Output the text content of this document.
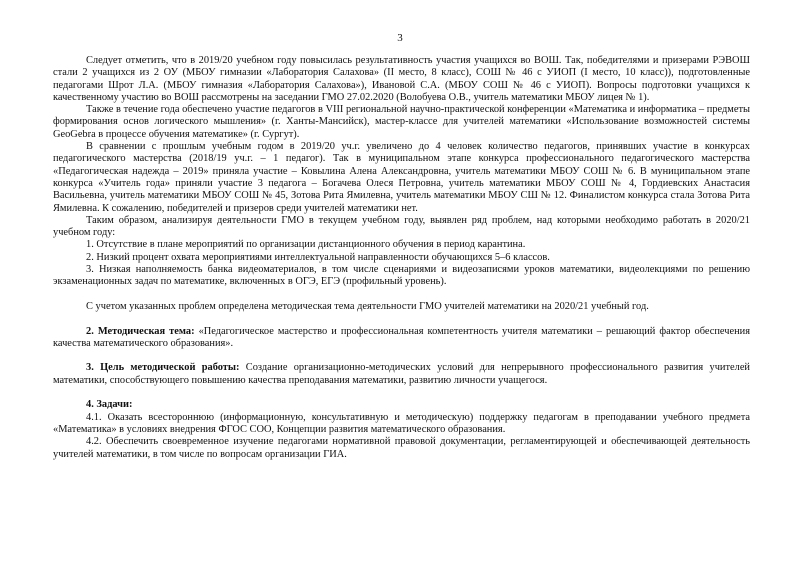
3

Следует отметить, что в 2019/20 учебном году повысилась результативность участия учащихся во ВОШ. Так, победителями и призерами РЭВОШ стали 2 учащихся из 2 ОУ (МБОУ гимназии «Лаборатория Салахова» (II место, 8 класс), СОШ № 46 с УИОП (I место, 10 класс)), подготовленные педагогами Шрот Л.А. (МБОУ гимназия «Лаборатория Салахова»), Ивановой С.А. (МБОУ СОШ № 46 с УИОП). Вопросы подготовки учащихся к качественному участию во ВОШ рассмотрены на заседании ГМО 27.02.2020 (Волобуева О.В., учитель математики МБОУ лицея № 1).

Также в течение года обеспечено участие педагогов в VIII региональной научно-практической конференции «Математика и информатика – предметы формирования основ логического мышления» (г. Ханты-Мансийск), мастер-классе для учителей математики «Использование возможностей системы GeoGebra в процессе обучения математике» (г. Сургут).

В сравнении с прошлым учебным годом в 2019/20 уч.г. увеличено до 4 человек количество педагогов, принявших участие в конкурсах педагогического мастерства (2018/19 уч.г. – 1 педагог). Так в муниципальном этапе конкурса профессионального педагогического мастерства «Педагогическая надежда – 2019» приняла участие – Ковылина Алена Александровна, учитель математики МБОУ СОШ № 6. В муниципальном этапе конкурса «Учитель года» приняли участие 3 педагога – Богачева Олеся Петровна, учитель математики МБОУ СОШ № 4, Гордиевских Анастасия Васильевна, учитель математики МБОУ СОШ № 45, Зотова Рита Ямилевна, учитель математики МБОУ СШ № 12. Финалистом конкурса стала Зотова Рита Ямилевна. К сожалению, победителей и призеров среди учителей математики нет.

Таким образом, анализируя деятельности ГМО в текущем учебном году, выявлен ряд проблем, над которыми необходимо работать в 2020/21 учебном году:

1. Отсутствие в плане мероприятий по организации дистанционного обучения в период карантина.
2. Низкий процент охвата мероприятиями интеллектуальной направленности обучающихся 5–6 классов.
3. Низкая наполняемость банка видеоматериалов, в том числе сценариями и видеозаписями уроков математики, видеолекциями по решению экзаменационных задач по математике, включенных в ОГЭ, ЕГЭ (профильный уровень).

С учетом указанных проблем определена методическая тема деятельности ГМО учителей математики на 2020/21 учебный год.

2. Методическая тема: «Педагогическое мастерство и профессиональная компетентность учителя математики – решающий фактор обеспечения качества математического образования».

3. Цель методической работы: Создание организационно-методических условий для непрерывного профессионального развития учителей математики, способствующего повышению качества преподавания математики, развитию личности учащегося.

4. Задачи:

4.1. Оказать всестороннюю (информационную, консультативную и методическую) поддержку педагогам в преподавании учебного предмета «Математика» в условиях внедрения ФГОС СОО, Концепции развития математического образования.

4.2. Обеспечить своевременное изучение педагогами нормативной правовой документации, регламентирующей и обеспечивающей деятельность учителей математики, в том числе по вопросам организации ГИА.
